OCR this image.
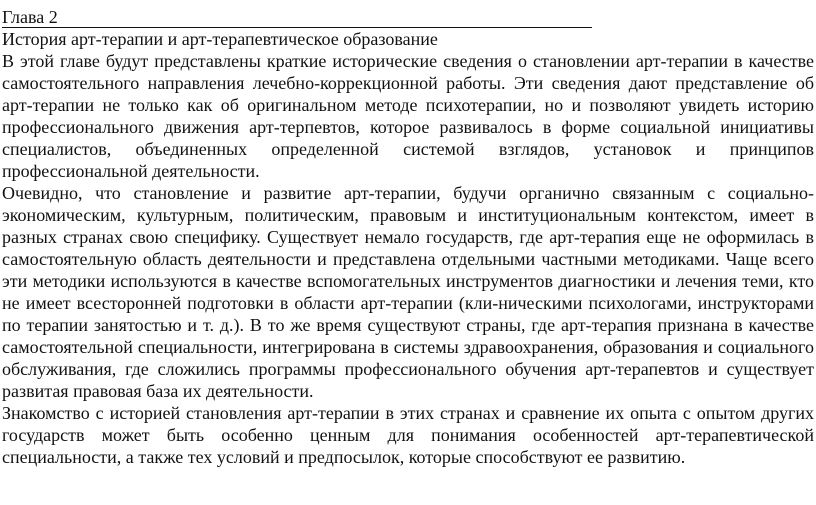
Глава 2
История арт-терапии и арт-терапевтическое образование

В этой главе будут представлены краткие исторические сведения о становлении арт-терапии в качестве самостоятельного направления лечебно-коррекционной работы. Эти сведения дают представление об арт-терапии не только как об оригинальном методе психотерапии, но и позволяют увидеть историю профессионального движения арт-терпевтов, которое развивалось в форме социальной инициативы специалистов, объединенных определенной системой взглядов, установок и принципов профессиональной деятельности.

Очевидно, что становление и развитие арт-терапии, будучи органично связанным с социально-экономическим, культурным, политическим, правовым и институциональным контекстом, имеет в разных странах свою специфику. Существует немало государств, где арт-терапия еще не оформилась в самостоятельную область деятельности и представлена отдельными частными методиками. Чаще всего эти методики используются в качестве вспомогательных инструментов диагностики и лечения теми, кто не имеет всесторонней подготовки в области арт-терапии (кли-ническими психологами, инструкторами по терапии занятостью и т. д.). В то же время существуют страны, где арт-терапия признана в качестве самостоятельной специальности, интегрирована в системы здравоохранения, образования и социального обслуживания, где сложились программы профессионального обучения арт-терапевтов и существует развитая правовая база их деятельности.

Знакомство с историей становления арт-терапии в этих странах и сравнение их опыта с опытом других государств может быть особенно ценным для понимания особенностей арт-терапевтической специальности, а также тех условий и предпосылок, которые способствуют ее развитию.
